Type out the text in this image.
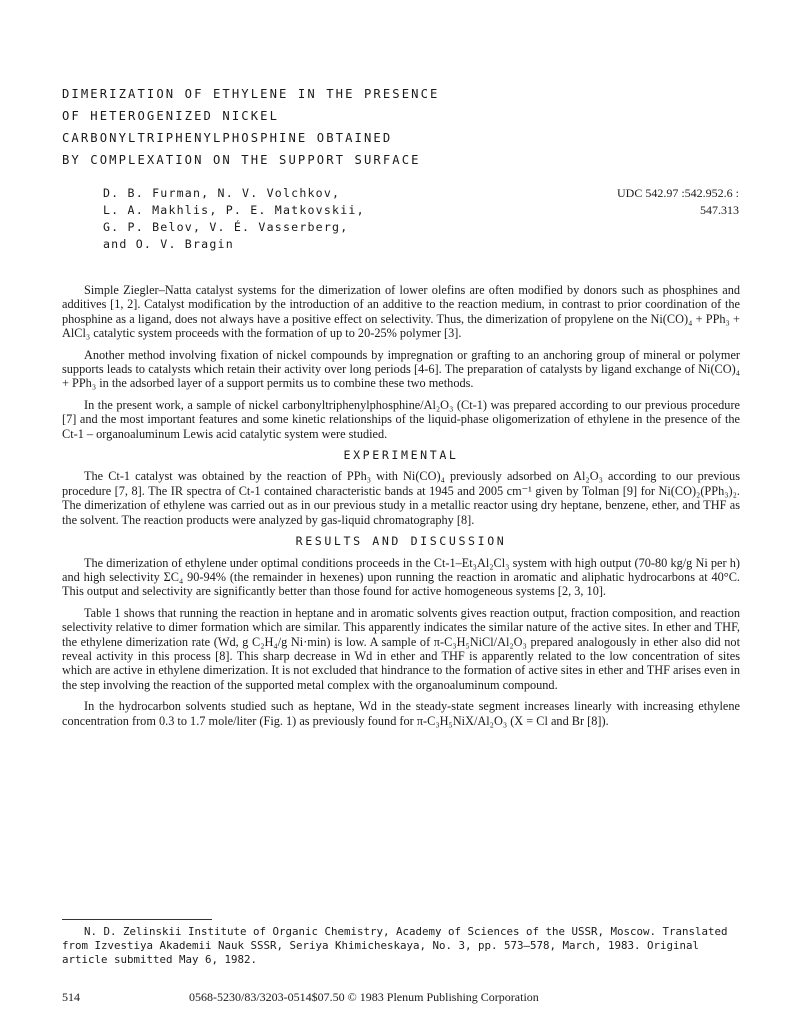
DIMERIZATION OF ETHYLENE IN THE PRESENCE
OF HETEROGENIZED NICKEL
CARBONYLTRIPHENYLPHOSPHINE OBTAINED
BY COMPLEXATION ON THE SUPPORT SURFACE
D. B. Furman, N. V. Volchkov,
L. A. Makhlis, P. E. Matkovskii,
G. P. Belov, V. É. Vasserberg,
and O. V. Bragin
UDC 542.97 :542.952.6 :
547.313

Simple Ziegler–Natta catalyst systems for the dimerization of lower olefins are often modified by donors such as phosphines and additives [1, 2]. Catalyst modification by the introduction of an additive to the reaction medium, in contrast to prior coordination of the phosphine as a ligand, does not always have a positive effect on selectivity. Thus, the dimerization of propylene on the Ni(CO)₄ + PPh₃ + AlCl₃ catalytic system proceeds with the formation of up to 20-25% polymer [3].

Another method involving fixation of nickel compounds by impregnation or grafting to an anchoring group of mineral or polymer supports leads to catalysts which retain their activity over long periods [4-6]. The preparation of catalysts by ligand exchange of Ni(CO)₄ + PPh₃ in the adsorbed layer of a support permits us to combine these two methods.

In the present work, a sample of nickel carbonyltriphenylphosphine/Al₂O₃ (Ct-1) was prepared according to our previous procedure [7] and the most important features and some kinetic relationships of the liquid-phase oligomerization of ethylene in the presence of the Ct-1 – organoaluminum Lewis acid catalytic system were studied.

EXPERIMENTAL

The Ct-1 catalyst was obtained by the reaction of PPh₃ with Ni(CO)₄ previously adsorbed on Al₂O₃ according to our previous procedure [7, 8]. The IR spectra of Ct-1 contained characteristic bands at 1945 and 2005 cm⁻¹ given by Tolman [9] for Ni(CO)₂(PPh₃)₂. The dimerization of ethylene was carried out as in our previous study in a metallic reactor using dry heptane, benzene, ether, and THF as the solvent. The reaction products were analyzed by gas-liquid chromatography [8].

RESULTS AND DISCUSSION

The dimerization of ethylene under optimal conditions proceeds in the Ct-1–Et₃Al₂Cl₃ system with high output (70-80 kg/g Ni per h) and high selectivity ΣC₄ 90-94% (the remainder in hexenes) upon running the reaction in aromatic and aliphatic hydrocarbons at 40°C. This output and selectivity are significantly better than those found for active homogeneous systems [2, 3, 10].

Table 1 shows that running the reaction in heptane and in aromatic solvents gives reaction output, fraction composition, and reaction selectivity relative to dimer formation which are similar. This apparently indicates the similar nature of the active sites. In ether and THF, the ethylene dimerization rate (Wd, g C₂H₄/g Ni·min) is low. A sample of π-C₃H₅NiCl/Al₂O₃ prepared analogously in ether also did not reveal activity in this process [8]. This sharp decrease in Wd in ether and THF is apparently related to the low concentration of sites which are active in ethylene dimerization. It is not excluded that hindrance to the formation of active sites in ether and THF arises even in the step involving the reaction of the supported metal complex with the organoaluminum compound.

In the hydrocarbon solvents studied such as heptane, Wd in the steady-state segment increases linearly with increasing ethylene concentration from 0.3 to 1.7 mole/liter (Fig. 1) as previously found for π-C₃H₅NiX/Al₂O₃ (X = Cl and Br [8]).

N. D. Zelinskii Institute of Organic Chemistry, Academy of Sciences of the USSR, Moscow. Translated from Izvestiya Akademii Nauk SSSR, Seriya Khimicheskaya, No. 3, pp. 573–578, March, 1983. Original article submitted May 6, 1982.
514	0568-5230/83/3203-0514$07.50 © 1983 Plenum Publishing Corporation
